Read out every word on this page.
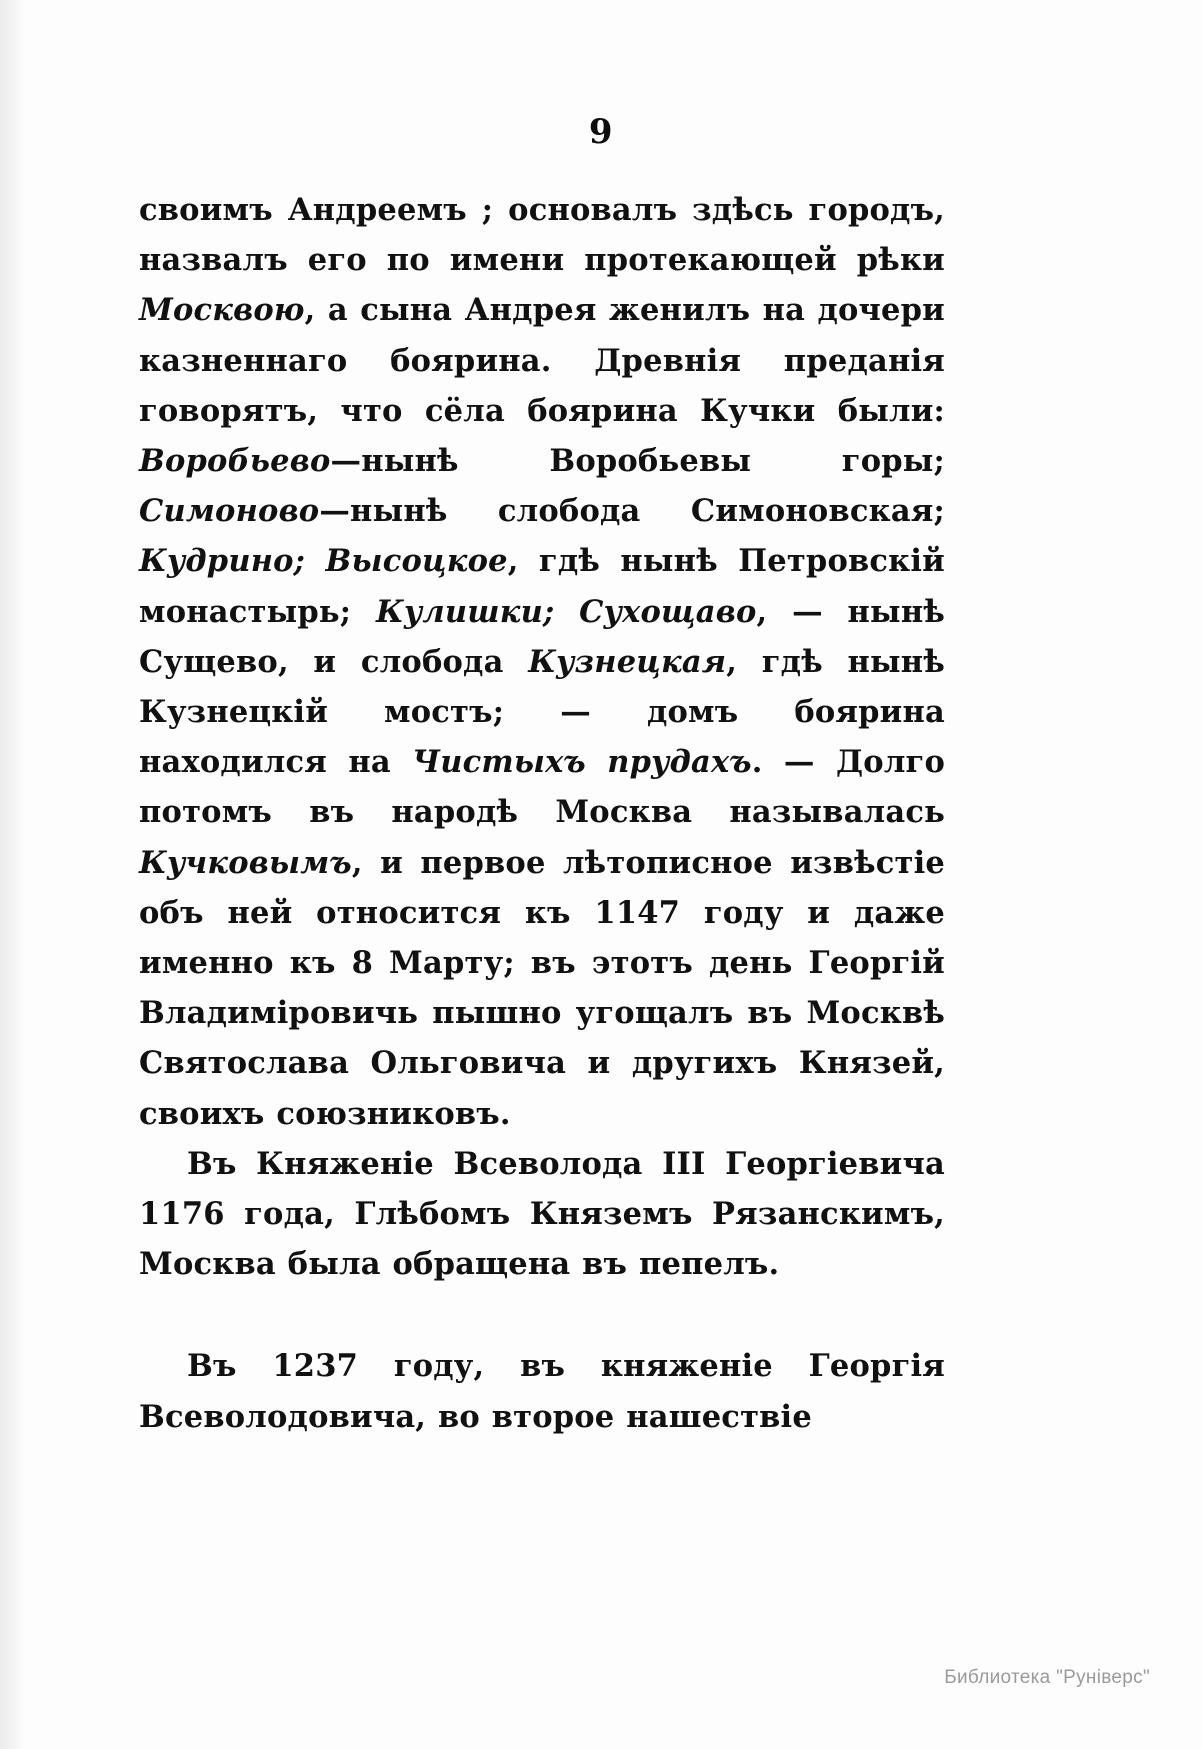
9

своимъ Андреемъ ; основалъ здѣсь городъ, назвалъ его по имени протекающей рѣки Москвою, а сына Андрея женилъ на дочери казненнаго боярина. Древнія преданія говорятъ, что сёла боярина Кучки были: Воробьево—нынѣ Воробьевы горы; Симоново—нынѣ слобода Симоновская; Кудрино; Высоцкое, гдѣ нынѣ Петровскій монастырь; Кулишки; Сухощаво, — нынѣ Сущево, и слобода Кузнецкая, гдѣ нынѣ Кузнецкій мостъ; — домъ боярина находился на Чистыхъ прудахъ. — Долго потомъ въ народѣ Москва называлась Кучковымъ, и первое лѣтописное извѣстіе объ ней относится къ 1147 году и даже именно къ 8 Марту; въ этотъ день Георгій Владиміровичь пышно угощалъ въ Москвѣ Святослава Ольговича и другихъ Князей, своихъ союзниковъ.

Въ Княженіе Всеволода III Георгіевича 1176 года, Глѣбомъ Княземъ Рязанскимъ, Москва была обращена въ пепелъ.

Въ 1237 году, въ княженіе Георгія Всеволодовича, во второе нашествіе

Библиотека "Рунiверс"
